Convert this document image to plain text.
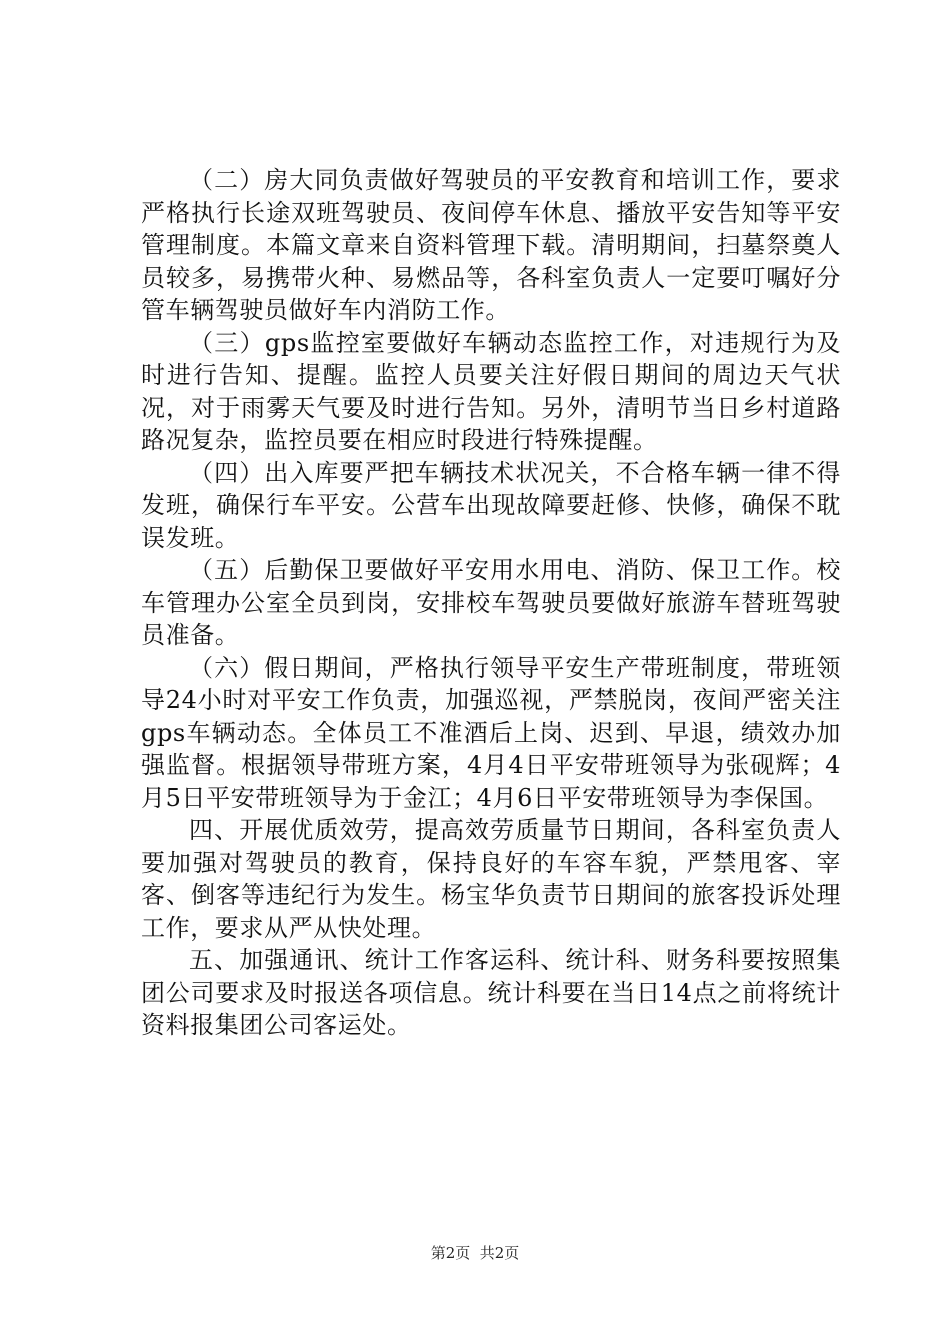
（二）房大同负责做好驾驶员的平安教育和培训工作，要求严格执行长途双班驾驶员、夜间停车休息、播放平安告知等平安管理制度。本篇文章来自资料管理下载。清明期间，扫墓祭奠人员较多，易携带火种、易燃品等，各科室负责人一定要叮嘱好分管车辆驾驶员做好车内消防工作。

（三）gps监控室要做好车辆动态监控工作，对违规行为及时进行告知、提醒。监控人员要关注好假日期间的周边天气状况，对于雨雾天气要及时进行告知。另外，清明节当日乡村道路路况复杂，监控员要在相应时段进行特殊提醒。

（四）出入库要严把车辆技术状况关，不合格车辆一律不得发班，确保行车平安。公营车出现故障要赶修、快修，确保不耽误发班。

（五）后勤保卫要做好平安用水用电、消防、保卫工作。校车管理办公室全员到岗，安排校车驾驶员要做好旅游车替班驾驶员准备。

（六）假日期间，严格执行领导平安生产带班制度，带班领导24小时对平安工作负责，加强巡视，严禁脱岗，夜间严密关注gps车辆动态。全体员工不准酒后上岗、迟到、早退，绩效办加强监督。根据领导带班方案，4月4日平安带班领导为张砚辉；4月5日平安带班领导为于金江；4月6日平安带班领导为李保国。

四、开展优质效劳，提高效劳质量节日期间，各科室负责人要加强对驾驶员的教育，保持良好的车容车貌，严禁甩客、宰客、倒客等违纪行为发生。杨宝华负责节日期间的旅客投诉处理工作，要求从严从快处理。

五、加强通讯、统计工作客运科、统计科、财务科要按照集团公司要求及时报送各项信息。统计科要在当日14点之前将统计资料报集团公司客运处。

第2页  共2页
